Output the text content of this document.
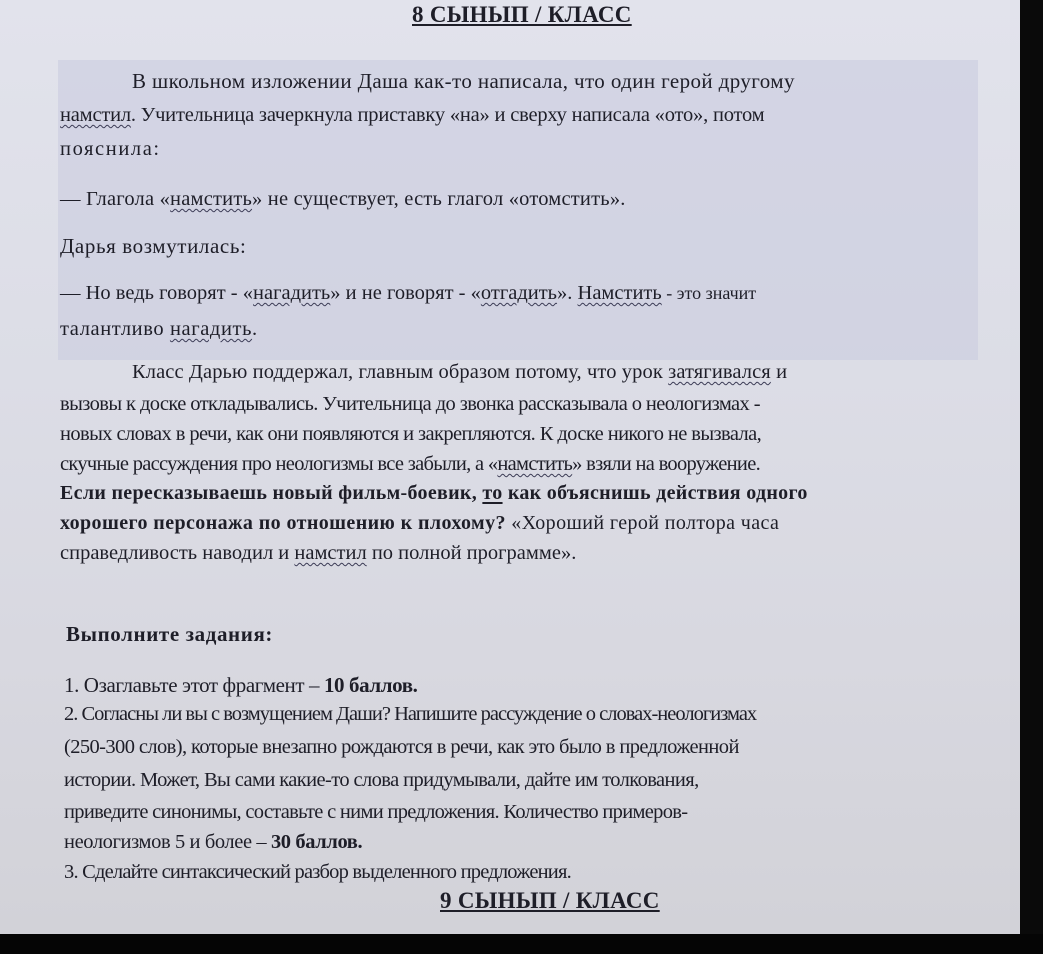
8 СЫНЫП / КЛАСС
В школьном изложении Даша как-то написала, что один герой другому
намстил. Учительница зачеркнула приставку «на» и сверху написала «ото», потом
пояснила:
— Глагола «намстить» не существует, есть глагол «отомстить».
Дарья возмутилась:
— Но ведь говорят - «нагадить» и не говорят - «отгадить». Намстить - это значит
талантливо нагадить.
Класс Дарью поддержал, главным образом потому, что урок затягивался и
вызовы к доске откладывались. Учительница до звонка рассказывала о неологизмах -
новых словах в речи, как они появляются и закрепляются. К доске никого не вызвала,
скучные рассуждения про неологизмы все забыли, а «намстить» взяли на вооружение.
Если пересказываешь новый фильм-боевик, то как объяснишь действия одного
хорошего персонажа по отношению к плохому? «Хороший герой полтора часа
справедливость наводил и намстил по полной программе».
Выполните задания:
1. Озаглавьте этот фрагмент – 10 баллов.
2. Согласны ли вы с возмущением Даши? Напишите рассуждение о словах-неологизмах
(250-300 слов), которые внезапно рождаются в речи, как это было в предложенной
истории. Может, Вы сами какие-то слова придумывали, дайте им толкования,
приведите синонимы, составьте с ними предложения. Количество примеров-
неологизмов 5 и более – 30 баллов.
3. Сделайте синтаксический разбор выделенного предложения.
9 СЫНЫП / КЛАСС
